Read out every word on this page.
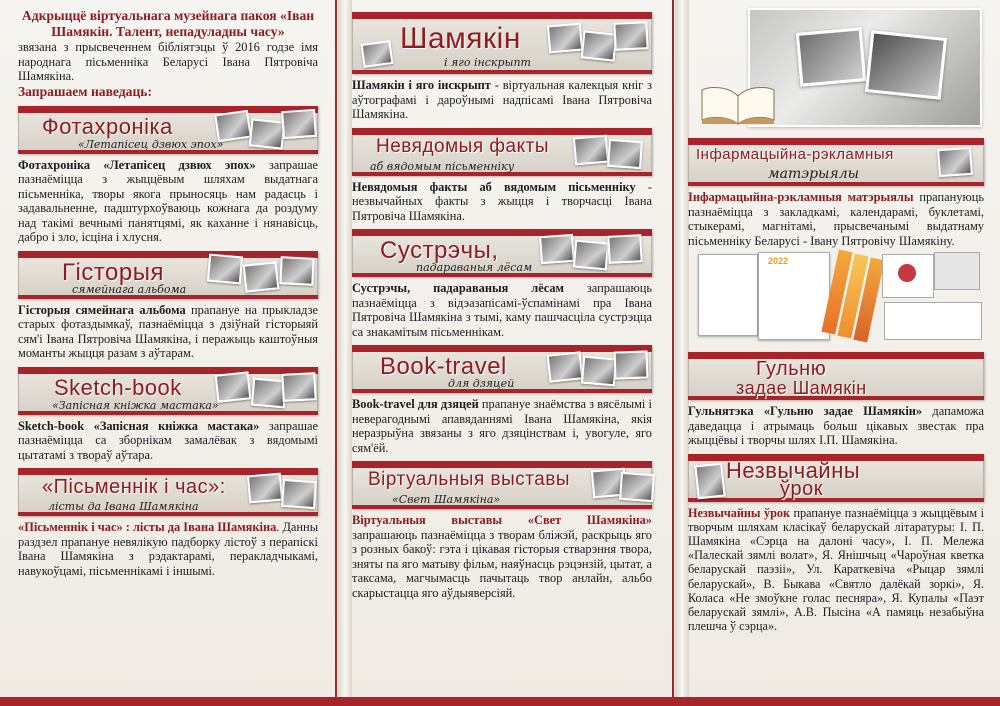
Адкрыццё віртуальнага музейнага пакоя «Іван Шамякін. Талент, непадуладны часу»
звязана з прысвеченнем бібліятэцы ў 2016 годзе імя народнага пісьменніка Беларусі Івана Пятровіча Шамякіна.
Запрашаем наведаць:
Фотахроніка
«Летапісец дзвюх эпох»
Фотахроніка «Летапісец дзвюх эпох» запрашае пазнаёміцца з жыццёвым шляхам выдатнага пісьменніка, творы якога прыносяць нам радасць і задавальненне, падштурхоўваюць кожнага да роздуму над такімі вечнымі панятцямі, як каханне і нянавісць, дабро і зло, ісціна і хлусня.
Гісторыя
сямейнага альбома
Гісторыя сямейнага альбома прапануе на прыкладзе старых фотаздымкаў, пазнаёміцца з дзіўнай гісторыяй сям'і Івана Пятровіча Шамякіна, і перажыць каштоўныя моманты жыцця разам з аўтарам.
Sketch-book
«Запісная кніжка мастака»
Sketch-book «Запісная кніжка мастака» запрашае пазнаёміцца са зборнікам замалёвак з вядомымі цытатамі з твораў аўтара.
«Пісьменнік і час»:
лісты да Івана Шамякіна
«Пісьменнік і час» : лісты да Івана Шамякіна. Данны раздзел прапануе невялікую падборку лістоў з перапіскі Івана Шамякіна з рэдактарамі, перакладчыкамі, навукоўцамі, пісьменнікамі і іншымі.
Шамякін
і яго інскрыпт
Шамякін і яго інскрыпт - віртуальная калекцыя кніг з аўтографамі і дароўнымі надпісамі Івана Пятровіча Шамякіна.
Невядомыя факты
аб вядомым пісьменніку
Невядомыя факты аб вядомым пісьменніку - незвычайных факты з жыцця і творчасці Івана Пятровіча Шамякіна.
Сустрэчы,
падараваныя лёсам
Сустрэчы, падараваныя лёсам запрашаюць пазнаёміцца з відэазапісамі-ўспамінамі пра Івана Пятровіча Шамякіна з тымі, каму пашчасціла сустрэцца са знакамітым пісьменнікам.
Book-travel
для дзяцей
Book-travel для дзяцей прапануе знаёмства з вясёлымі і неверагоднымі апавяданнямі Івана Шамякіна, якія неразрыўна звязаны з яго дзяцінствам і, увогуле, яго сям'ёй.
Віртуальныя выставы
«Свет Шамякіна»
Віртуальныя выставы «Свет Шамякіна» запрашаюць пазнаёміцца з творам бліжэй, раскрыць яго з розных бакоў: гэта і цікавая гісторыя стварэння твора, зняты па яго матыву фільм, наяўнасць рэцэнзій, цытат, а таксама, магчымасць пачытаць твор анлайн, альбо скарыстацца яго аўдыяверсіяй.
Інфармацыйна-рэкламныя
матэрыялы
Інфармацыйна-рэкламныя матэрыялы прапануюць пазнаёміцца з закладкамі, календарамі, буклетамі, стыкерамі, магнітамі, прысвечанымі выдатнаму пісьменніку Беларусі - Івану Пятровічу Шамякіну.
2022
Гульню
задае Шамякін
Гульнятэка «Гульню задае Шамякін» дапаможа даведацца і атрымаць больш цікавых звестак пра жыццёвы і творчы шлях І.П. Шамякіна.
Незвычайны
ўрок
Незвычайны ўрок прапануе пазнаёміцца з жыццёвым і творчым шляхам класікаў беларускай літаратуры: І. П. Шамякіна «Сэрца на далоні часу», І. П. Мележа «Палескай зямлі волат», Я. Янішчыц «Чароўная кветка беларускай паэзіі», Ул. Караткевіча «Рыцар зямлі беларускай», В. Быкава «Святло далёкай зоркі», Я. Коласа «Не змоўкне голас песняра», Я. Купалы «Паэт беларускай зямлі», А.В. Пысіна «А памяць незабыўна плешча ў сэрца».
